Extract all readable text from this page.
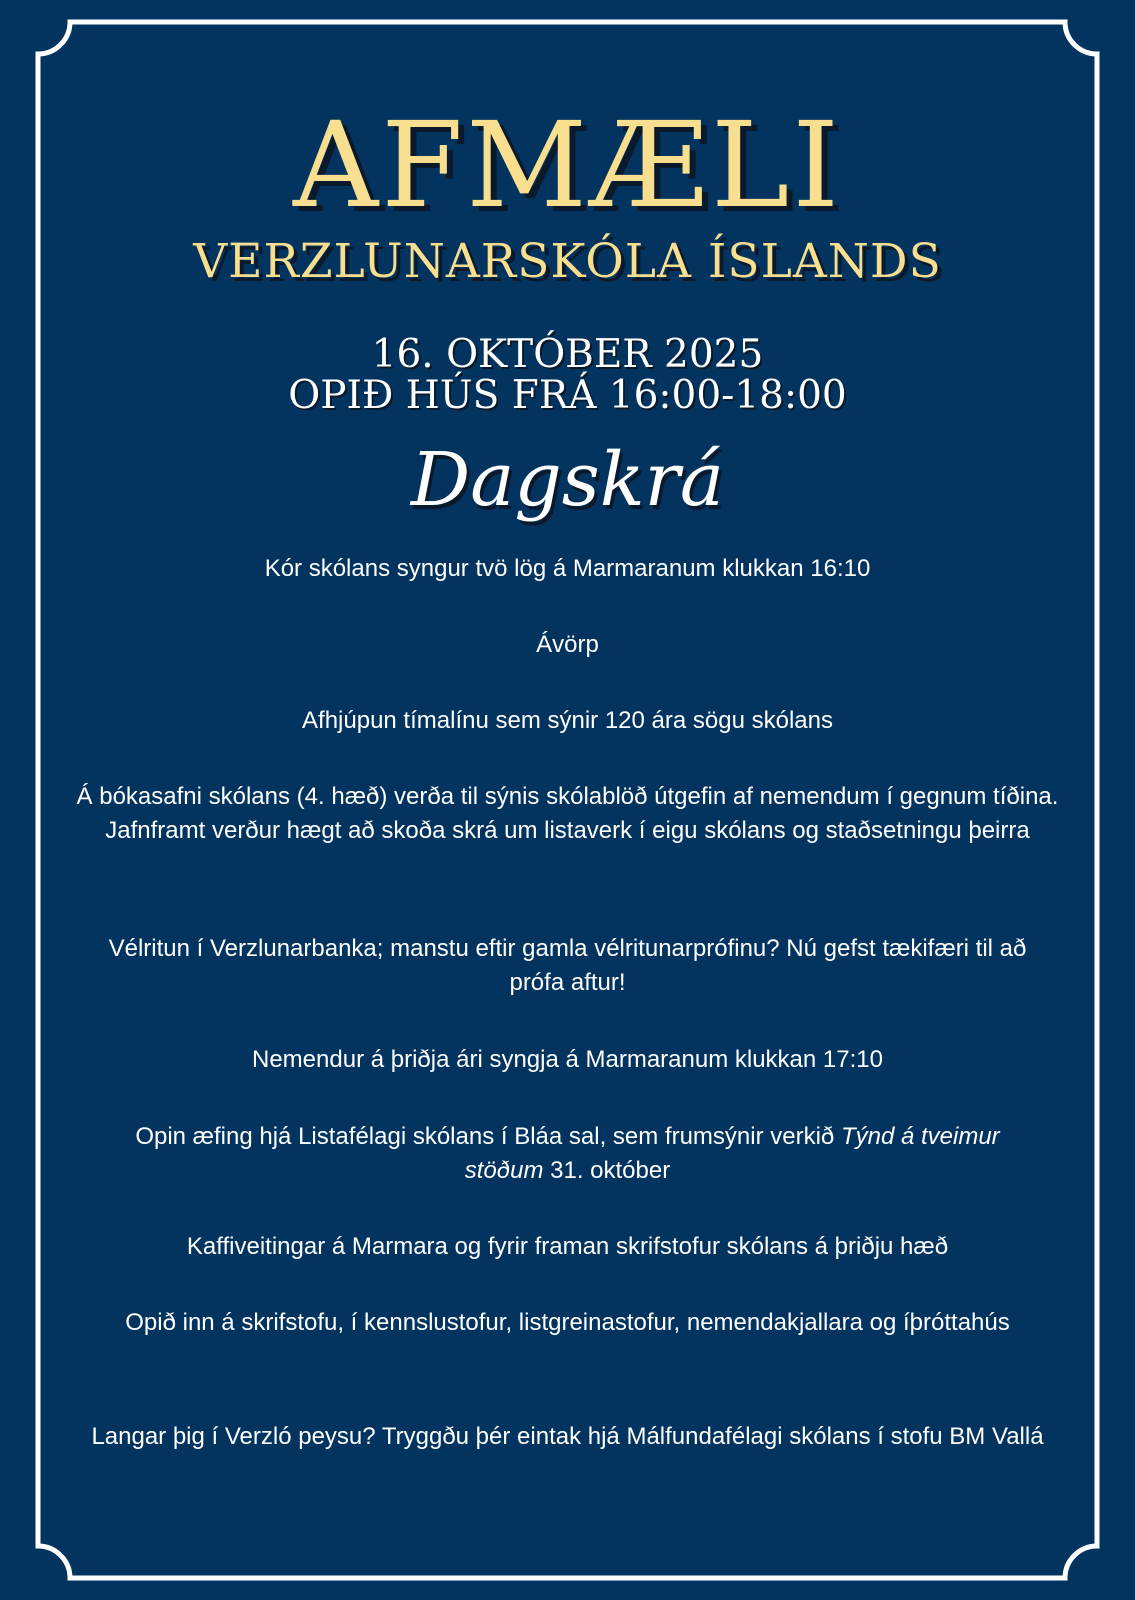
AFMÆLI
VERZLUNARSKÓLA ÍSLANDS
16. OKTÓBER 2025
OPIÐ HÚS FRÁ 16:00-18:00
Dagskrá
Kór skólans syngur tvö lög á Marmaranum klukkan 16:10
Ávörp
Afhjúpun tímalínu sem sýnir 120 ára sögu skólans
Á bókasafni skólans (4. hæð) verða til sýnis skólablöð útgefin af nemendum í gegnum tíðina. Jafnframt verður hægt að skoða skrá um listaverk í eigu skólans og staðsetningu þeirra
Vélritun í Verzlunarbanka; manstu eftir gamla vélritunarprófinu? Nú gefst tækifæri til að prófa aftur!
Nemendur á þriðja ári syngja á Marmaranum klukkan 17:10
Opin æfing hjá Listafélagi skólans í Bláa sal, sem frumsýnir verkið Týnd á tveimur stöðum 31. október
Kaffiveitingar á Marmara og fyrir framan skrifstofur skólans á þriðju hæð
Opið inn á skrifstofu, í kennslustofur, listgreinastofur, nemendakjallara og íþróttahús
Langar þig í Verzló peysu? Tryggðu þér eintak hjá Málfundafélagi skólans í stofu BM Vallá
